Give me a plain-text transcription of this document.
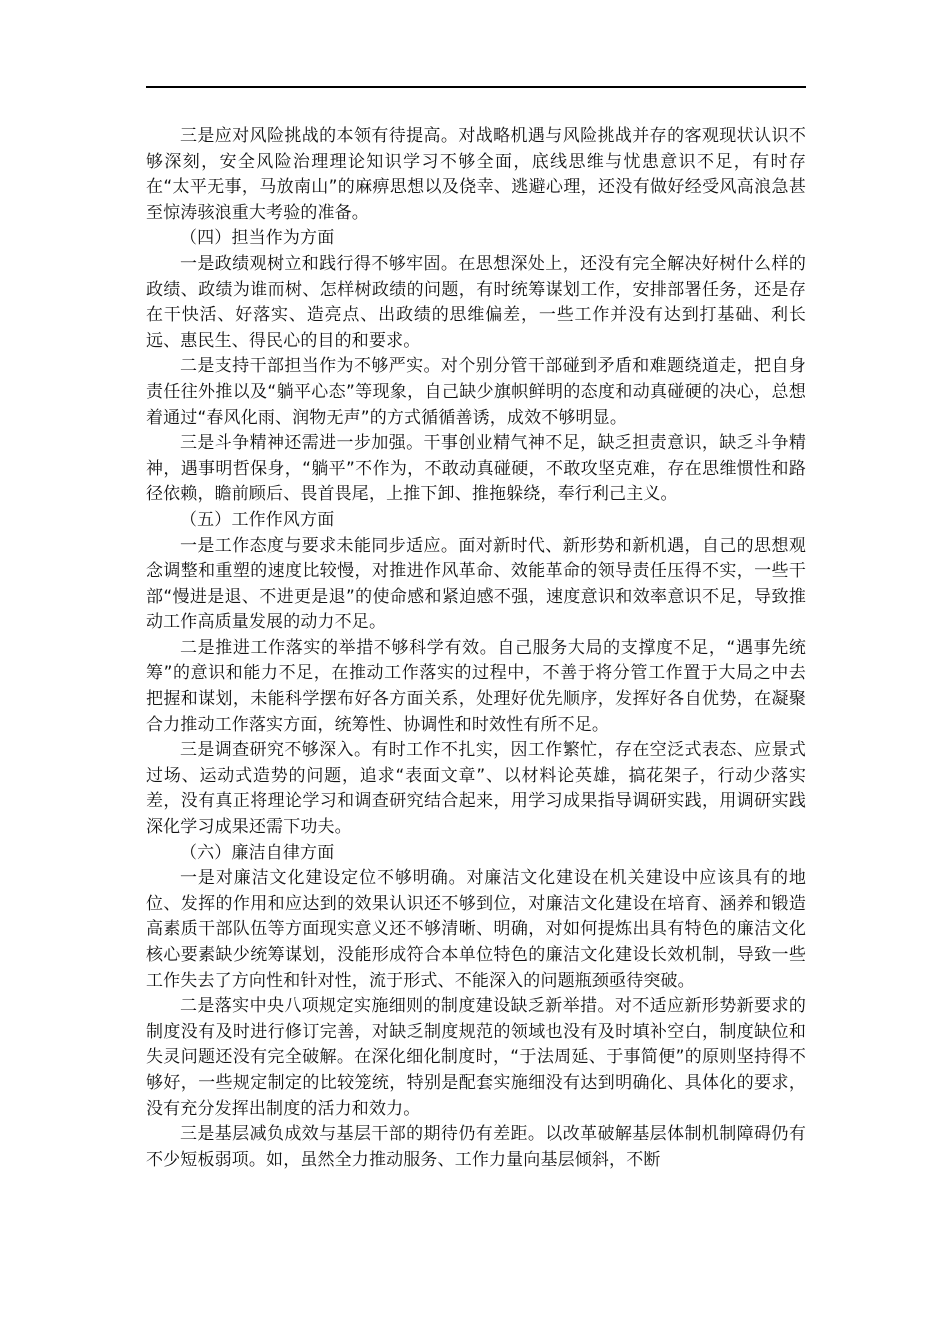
三是应对风险挑战的本领有待提高。对战略机遇与风险挑战并存的客观现状认识不够深刻，安全风险治理理论知识学习不够全面，底线思维与忧患意识不足，有时存在“太平无事，马放南山”的麻痹思想以及侥幸、逃避心理，还没有做好经受风高浪急甚至惊涛骇浪重大考验的准备。

（四）担当作为方面

一是政绩观树立和践行得不够牢固。在思想深处上，还没有完全解决好树什么样的政绩、政绩为谁而树、怎样树政绩的问题，有时统筹谋划工作，安排部署任务，还是存在干快活、好落实、造亮点、出政绩的思维偏差，一些工作并没有达到打基础、利长远、惠民生、得民心的目的和要求。

二是支持干部担当作为不够严实。对个别分管干部碰到矛盾和难题绕道走，把自身责任往外推以及“躺平心态”等现象，自己缺少旗帜鲜明的态度和动真碰硬的决心，总想着通过“春风化雨、润物无声”的方式循循善诱，成效不够明显。

三是斗争精神还需进一步加强。干事创业精气神不足，缺乏担责意识，缺乏斗争精神，遇事明哲保身，“躺平”不作为，不敢动真碰硬，不敢攻坚克难，存在思维惯性和路径依赖，瞻前顾后、畏首畏尾，上推下卸、推拖躲绕，奉行利己主义。

（五）工作作风方面

一是工作态度与要求未能同步适应。面对新时代、新形势和新机遇，自己的思想观念调整和重塑的速度比较慢，对推进作风革命、效能革命的领导责任压得不实，一些干部“慢进是退、不进更是退”的使命感和紧迫感不强，速度意识和效率意识不足，导致推动工作高质量发展的动力不足。

二是推进工作落实的举措不够科学有效。自己服务大局的支撑度不足，“遇事先统筹”的意识和能力不足，在推动工作落实的过程中，不善于将分管工作置于大局之中去把握和谋划，未能科学摆布好各方面关系，处理好优先顺序，发挥好各自优势，在凝聚合力推动工作落实方面，统筹性、协调性和时效性有所不足。

三是调查研究不够深入。有时工作不扎实，因工作繁忙，存在空泛式表态、应景式过场、运动式造势的问题，追求“表面文章”、以材料论英雄，搞花架子，行动少落实差，没有真正将理论学习和调查研究结合起来，用学习成果指导调研实践，用调研实践深化学习成果还需下功夫。

（六）廉洁自律方面

一是对廉洁文化建设定位不够明确。对廉洁文化建设在机关建设中应该具有的地位、发挥的作用和应达到的效果认识还不够到位，对廉洁文化建设在培育、涵养和锻造高素质干部队伍等方面现实意义还不够清晰、明确，对如何提炼出具有特色的廉洁文化核心要素缺少统筹谋划，没能形成符合本单位特色的廉洁文化建设长效机制，导致一些工作失去了方向性和针对性，流于形式、不能深入的问题瓶颈亟待突破。

二是落实中央八项规定实施细则的制度建设缺乏新举措。对不适应新形势新要求的制度没有及时进行修订完善，对缺乏制度规范的领域也没有及时填补空白，制度缺位和失灵问题还没有完全破解。在深化细化制度时，“于法周延、于事简便”的原则坚持得不够好，一些规定制定的比较笼统，特别是配套实施细没有达到明确化、具体化的要求，没有充分发挥出制度的活力和效力。

三是基层减负成效与基层干部的期待仍有差距。以改革破解基层体制机制障碍仍有不少短板弱项。如，虽然全力推动服务、工作力量向基层倾斜，不断
